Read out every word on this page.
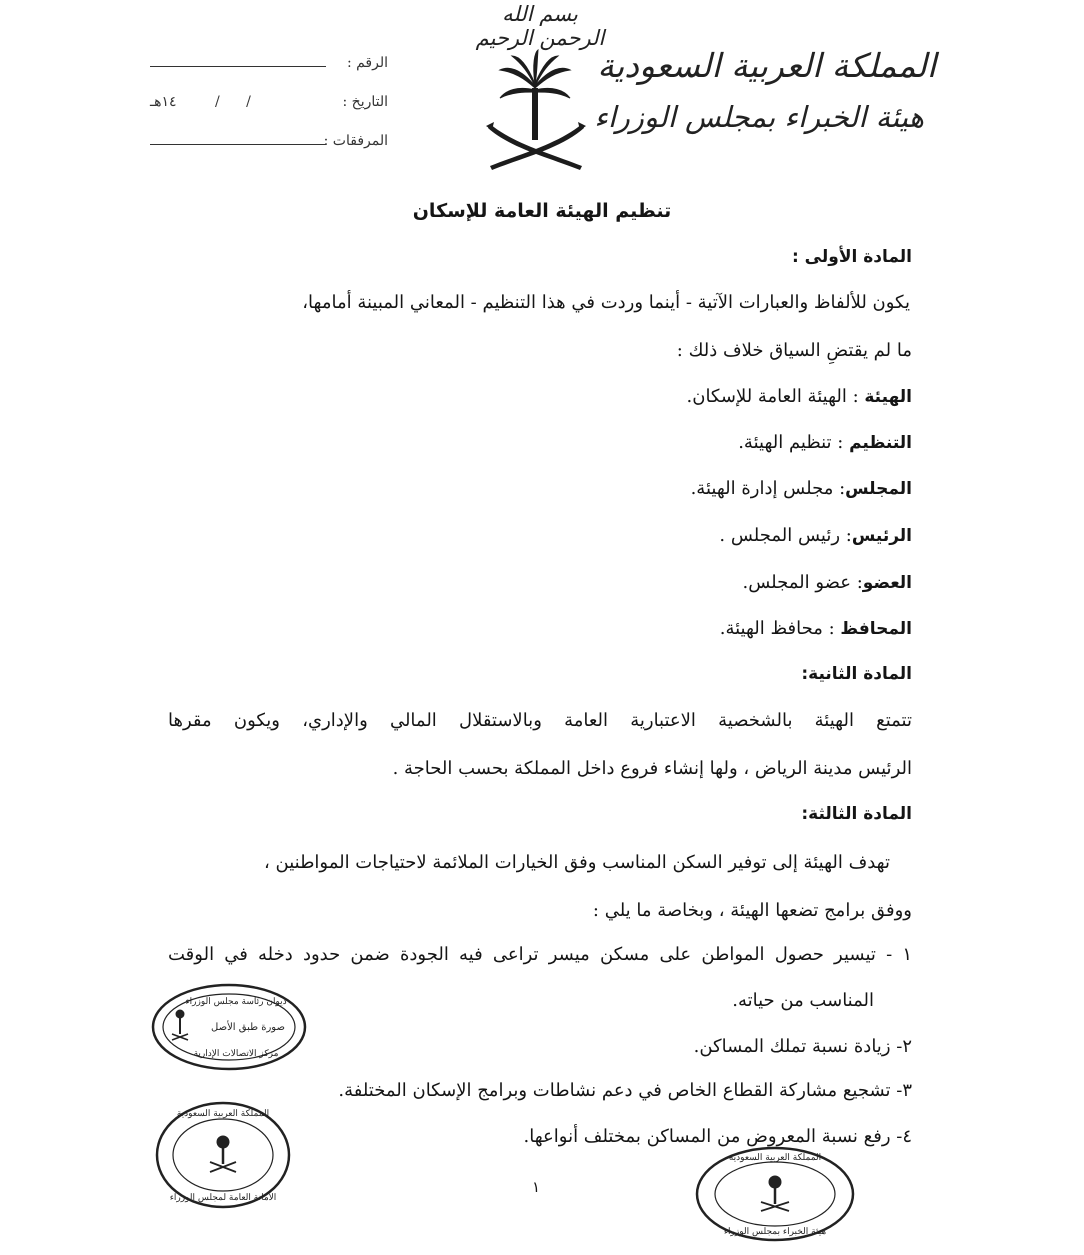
بسم الله الرحمن الرحيم
المملكة العربية السعودية
هيئة الخبراء بمجلس الوزراء
الرقم :
التاريخ :
/ /
١٤هـ
المرفقات :
تنظيم الهيئة العامة للإسكان
المادة الأولى :
يكون للألفاظ والعبارات الآتية - أينما وردت في هذا التنظيم - المعاني المبينة أمامها،
ما لم يقتضِ السياق خلاف ذلك :
الهيئة : الهيئة العامة للإسكان.
التنظيم : تنظيم الهيئة.
المجلس: مجلس إدارة الهيئة.
الرئيس: رئيس المجلس .
العضو: عضو المجلس.
المحافظ : محافظ الهيئة.
المادة الثانية:
تتمتع الهيئة بالشخصية الاعتبارية العامة وبالاستقلال المالي والإداري، ويكون مقرها
الرئيس مدينة الرياض ، ولها إنشاء فروع داخل المملكة بحسب الحاجة .
المادة الثالثة:
تهدف الهيئة إلى توفير السكن المناسب وفق الخيارات الملائمة لاحتياجات المواطنين ،
ووفق برامج تضعها الهيئة ، وبخاصة ما يلي :
١ - تيسير حصول المواطن على مسكن ميسر تراعى فيه الجودة ضمن حدود دخله في الوقت
المناسب من حياته.
٢- زيادة نسبة تملك المساكن.
٣- تشجيع مشاركة القطاع الخاص في دعم نشاطات وبرامج الإسكان المختلفة.
٤- رفع نسبة المعروض من المساكن بمختلف أنواعها.
ديوان رئاسة مجلس الوزراء
صورة طبق الأصل
مركز الاتصالات الإدارية
المملكة العربية السعودية
الأمانة العامة لمجلس الوزراء
المملكة العربية السعودية
هيئة الخبراء بمجلس الوزراء
١
